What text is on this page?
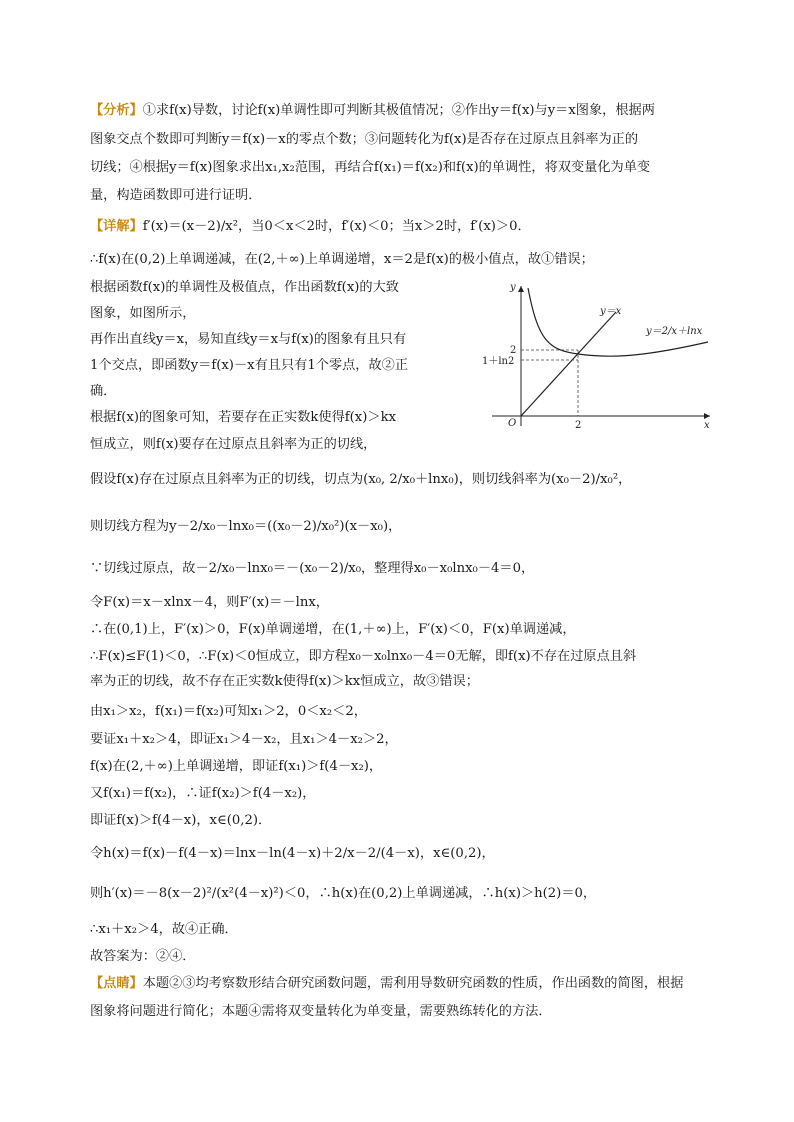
【分析】①求f(x)导数，讨论f(x)单调性即可判断其极值情况；②作出y＝f(x)与y＝x图象，根据两
图象交点个数即可判断y＝f(x)－x的零点个数；③问题转化为f(x)是否存在过原点且斜率为正的
切线；④根据y＝f(x)图象求出x₁,x₂范围，再结合f(x₁)＝f(x₂)和f(x)的单调性，将双变量化为单变
量，构造函数即可进行证明．
【详解】f′(x)＝(x－2)/x²，当0＜x＜2时，f′(x)＜0；当x＞2时，f′(x)＞0．
∴f(x)在(0,2)上单调递减，在(2,＋∞)上单调递增，x＝2是f(x)的极小值点，故①错误；
根据函数f(x)的单调性及极值点，作出函数f(x)的大致
图象，如图所示，
再作出直线y＝x，易知直线y＝x与f(x)的图象有且只有
1个交点，即函数y＝f(x)－x有且只有1个零点，故②正
确．
根据f(x)的图象可知，若要存在正实数k使得f(x)＞kx
恒成立，则f(x)要存在过原点且斜率为正的切线，
假设f(x)存在过原点且斜率为正的切线，切点为(x₀, 2/x₀＋lnx₀)，则切线斜率为(x₀－2)/x₀²，
则切线方程为y－2/x₀－lnx₀＝((x₀－2)/x₀²)(x－x₀)，
∵切线过原点，故－2/x₀－lnx₀＝－(x₀－2)/x₀，整理得x₀－x₀lnx₀－4＝0，
令F(x)＝x－xlnx－4，则F′(x)＝－lnx，
∴在(0,1)上，F′(x)＞0，F(x)单调递增，在(1,＋∞)上，F′(x)＜0，F(x)单调递减，
∴F(x)≤F(1)＜0，∴F(x)＜0恒成立，即方程x₀－x₀lnx₀－4＝0无解，即f(x)不存在过原点且斜
率为正的切线，故不存在正实数k使得f(x)＞kx恒成立，故③错误；
由x₁＞x₂，f(x₁)＝f(x₂)可知x₁＞2，0＜x₂＜2，
要证x₁＋x₂＞4，即证x₁＞4－x₂，且x₁＞4－x₂＞2，
f(x)在(2,＋∞)上单调递增，即证f(x₁)＞f(4－x₂)，
又f(x₁)＝f(x₂)，∴证f(x₂)＞f(4－x₂)，
即证f(x)＞f(4－x)，x∈(0,2)．
令h(x)＝f(x)－f(4－x)＝lnx－ln(4－x)＋2/x－2/(4－x)，x∈(0,2)，
则h′(x)＝－8(x－2)²/(x²(4－x)²)＜0，∴h(x)在(0,2)上单调递减，∴h(x)＞h(2)＝0，
∴x₁＋x₂＞4，故④正确．
故答案为：②④．
【点睛】本题②③均考察数形结合研究函数问题，需利用导数研究函数的性质，作出函数的简图，根据
图象将问题进行简化；本题④需将双变量转化为单变量，需要熟练转化的方法．
y
x
O
y＝x
y＝2/x＋lnx
2
2
1＋ln2
